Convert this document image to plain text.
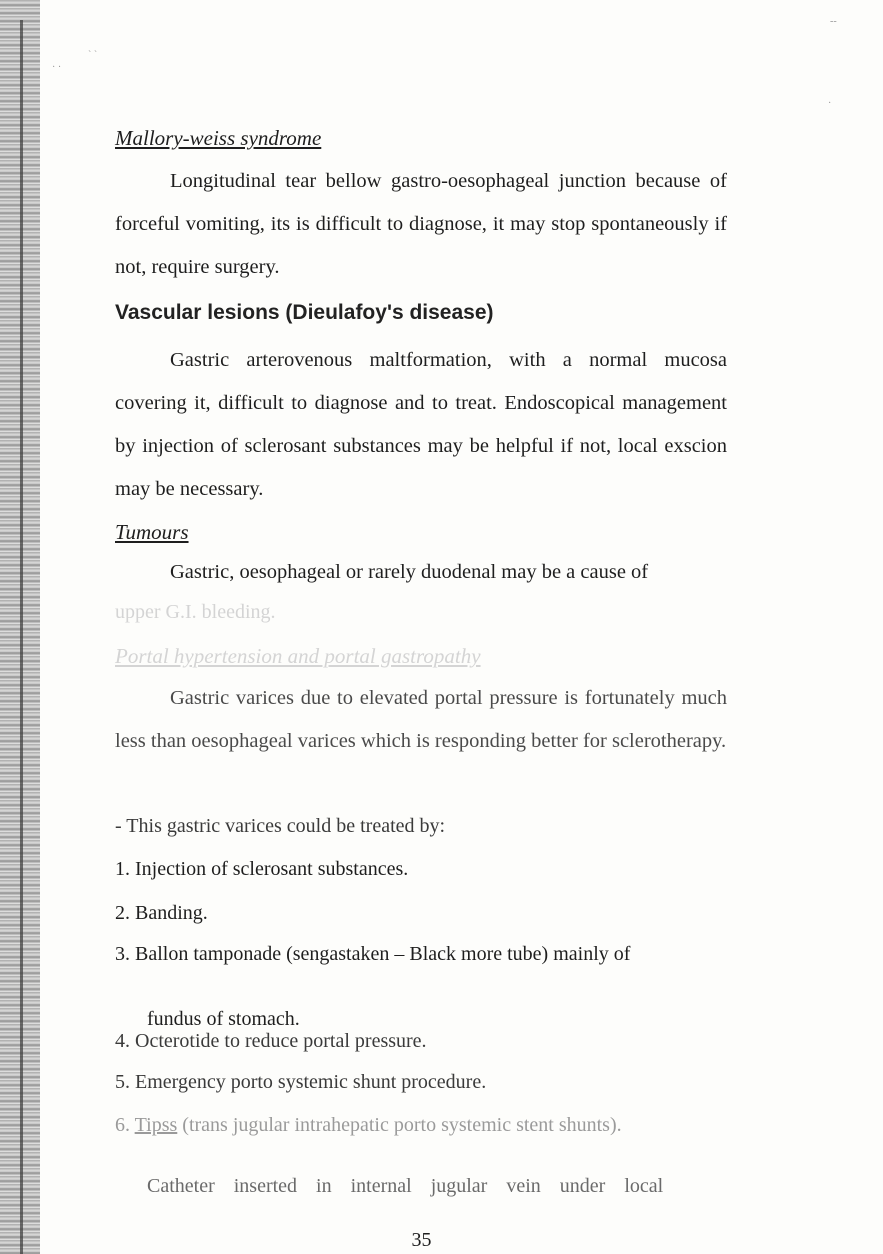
Mallory-weiss syndrome

Longitudinal tear bellow gastro-oesophageal junction because of forceful vomiting, its is difficult to diagnose, it may stop spontaneously if not, require surgery.

Vascular lesions (Dieulafoy's disease)

Gastric arterovenous maltformation, with a normal mucosa covering it, difficult to diagnose and to treat. Endoscopical management by injection of sclerosant substances may be helpful if not, local exscion may be necessary.

Tumours

Gastric, oesophageal or rarely duodenal may be a cause of

upper G.I. bleeding.

Portal hypertension and portal gastropathy

Gastric varices due to elevated portal pressure is fortunately much less than oesophageal varices which is responding better for sclerotherapy.

- This gastric varices could be treated by:

1. Injection of sclerosant substances.

2. Banding.

3. Ballon tamponade (sengastaken – Black more tube) mainly of

fundus of stomach.

4. Octerotide to reduce portal pressure.

5. Emergency porto systemic shunt procedure.

6. Tipss (trans jugular intrahepatic porto systemic stent shunts).

Catheter inserted in internal jugular vein under local

35
· ·
` `
·
--
